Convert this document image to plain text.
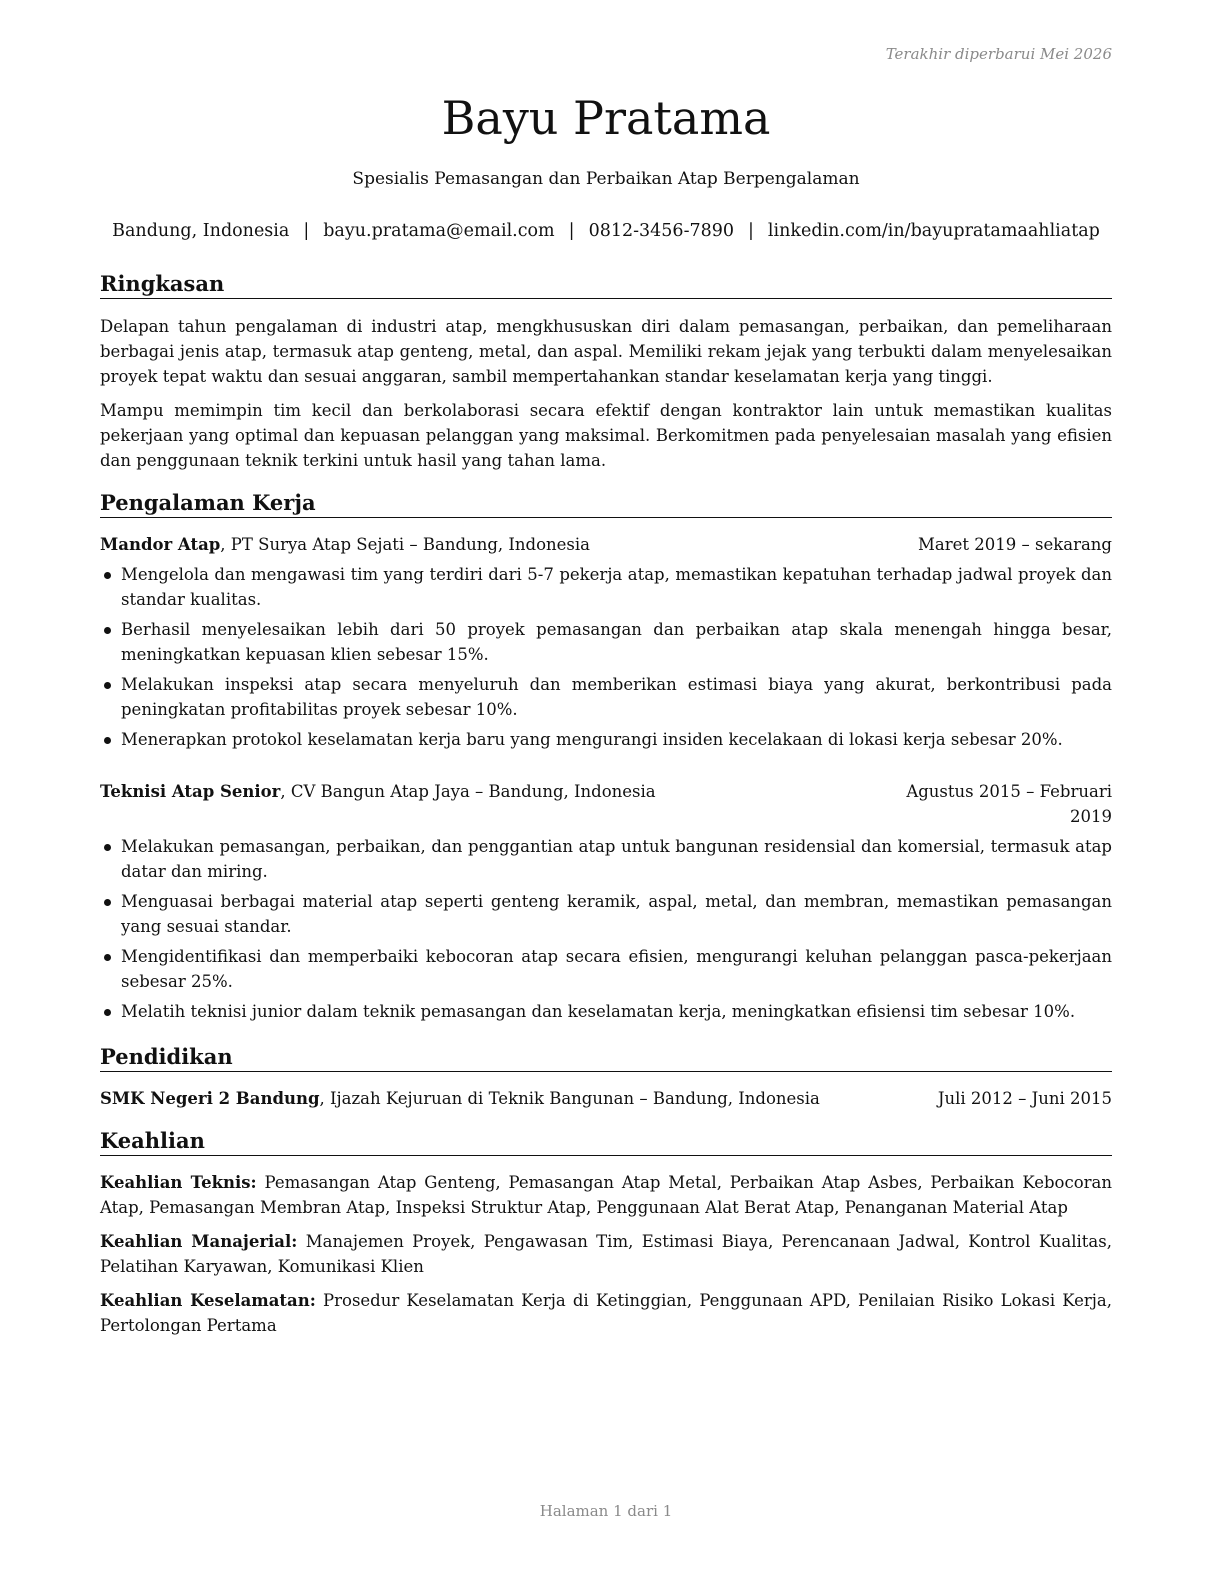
Terakhir diperbarui Mei 2026
Bayu Pratama
Spesialis Pemasangan dan Perbaikan Atap Berpengalaman
Bandung, Indonesia | bayu.pratama@email.com | 0812-3456-7890 | linkedin.com/in/bayupratamaahliatap
Ringkasan

Delapan tahun pengalaman di industri atap, mengkhususkan diri dalam pemasangan, perbaikan, dan pemeliharaan berbagai jenis atap, termasuk atap genteng, metal, dan aspal. Memiliki rekam jejak yang terbukti dalam menyelesaikan proyek tepat waktu dan sesuai anggaran, sambil mempertahankan standar keselamatan kerja yang tinggi.

Mampu memimpin tim kecil dan berkolaborasi secara efektif dengan kontraktor lain untuk memastikan kualitas pekerjaan yang optimal dan kepuasan pelanggan yang maksimal. Berkomitmen pada penyelesaian masalah yang efisien dan penggunaan teknik terkini untuk hasil yang tahan lama.

Pengalaman Kerja
Mandor Atap, PT Surya Atap Sejati – Bandung, Indonesia	Maret 2019 – sekarang
Mengelola dan mengawasi tim yang terdiri dari 5-7 pekerja atap, memastikan kepatuhan terhadap jadwal proyek dan standar kualitas.
Berhasil menyelesaikan lebih dari 50 proyek pemasangan dan perbaikan atap skala menengah hingga besar, meningkatkan kepuasan klien sebesar 15%.
Melakukan inspeksi atap secara menyeluruh dan memberikan estimasi biaya yang akurat, berkontribusi pada peningkatan profitabilitas proyek sebesar 10%.
Menerapkan protokol keselamatan kerja baru yang mengurangi insiden kecelakaan di lokasi kerja sebesar 20%.
Teknisi Atap Senior, CV Bangun Atap Jaya – Bandung, Indonesia	Agustus 2015 – Februari 2019
Melakukan pemasangan, perbaikan, dan penggantian atap untuk bangunan residensial dan komersial, termasuk atap datar dan miring.
Menguasai berbagai material atap seperti genteng keramik, aspal, metal, dan membran, memastikan pemasangan yang sesuai standar.
Mengidentifikasi dan memperbaiki kebocoran atap secara efisien, mengurangi keluhan pelanggan pasca-pekerjaan sebesar 25%.
Melatih teknisi junior dalam teknik pemasangan dan keselamatan kerja, meningkatkan efisiensi tim sebesar 10%.
Pendidikan
SMK Negeri 2 Bandung, Ijazah Kejuruan di Teknik Bangunan – Bandung, Indonesia	Juli 2012 – Juni 2015
Keahlian

Keahlian Teknis: Pemasangan Atap Genteng, Pemasangan Atap Metal, Perbaikan Atap Asbes, Perbaikan Kebocoran Atap, Pemasangan Membran Atap, Inspeksi Struktur Atap, Penggunaan Alat Berat Atap, Penanganan Material Atap

Keahlian Manajerial: Manajemen Proyek, Pengawasan Tim, Estimasi Biaya, Perencanaan Jadwal, Kontrol Kualitas, Pelatihan Karyawan, Komunikasi Klien

Keahlian Keselamatan: Prosedur Keselamatan Kerja di Ketinggian, Penggunaan APD, Penilaian Risiko Lokasi Kerja, Pertolongan Pertama

Halaman 1 dari 1
